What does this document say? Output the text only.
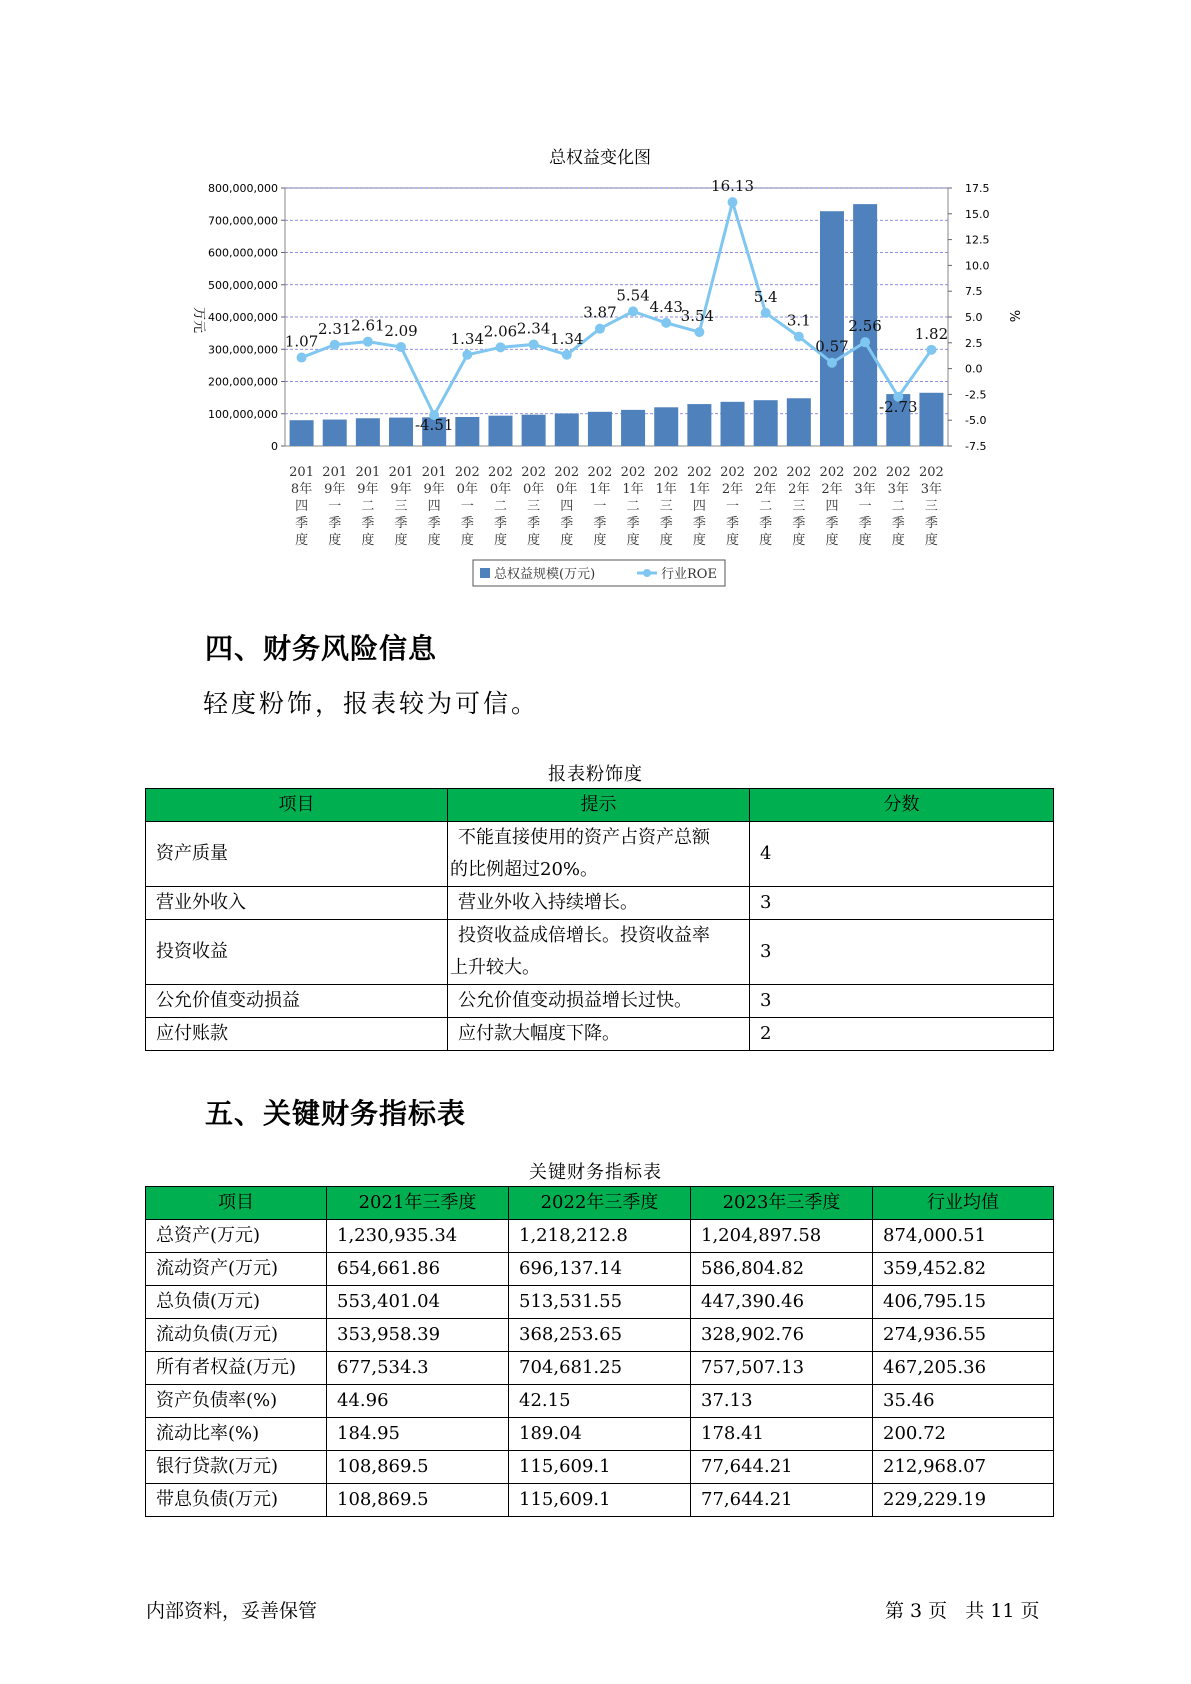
总权益变化图
0
100,000,000
200,000,000
300,000,000
400,000,000
500,000,000
600,000,000
700,000,000
800,000,000
-7.5
-5.0
-2.5
0.0
2.5
5.0
7.5
10.0
12.5
15.0
17.5
万元	%
201 8年四季度
201 9年一季度
201 9年二季度
201 9年三季度
201 9年四季度
202 0年一季度
202 0年二季度
202 0年三季度
202 0年四季度
202 1年一季度
202 1年二季度
202 1年三季度
202 1年四季度
202 2年一季度
202 2年二季度
202 2年三季度
202 2年四季度
202 3年一季度
202 3年二季度
202 3年三季度
1.07
2.31 2.61 2.09
-4.51
1.34 2.06 2.34
1.34
3.87
5.54
4.43
3.54
16.13
5.4
3.1
0.57
2.56
-2.73
1.82
总权益规模(万元)	行业ROE
四、财务风险信息
轻度粉饰，报表较为可信。
报表粉饰度
项目	提示	分数
资产质量	不能直接使用的资产占资产总额
的比例超过20%。	4
营业外收入	营业外收入持续增长。	3
投资收益	投资收益成倍增长。投资收益率
上升较大。	3
公允价值变动损益	公允价值变动损益增长过快。	3
应付账款	应付款大幅度下降。	2
五、关键财务指标表
关键财务指标表
项目	2021年三季度	2022年三季度	2023年三季度	行业均值
总资产(万元)	1,230,935.34	1,218,212.8	1,204,897.58	874,000.51
流动资产(万元)	654,661.86	696,137.14	586,804.82	359,452.82
总负债(万元)	553,401.04	513,531.55	447,390.46	406,795.15
流动负债(万元)	353,958.39	368,253.65	328,902.76	274,936.55
所有者权益(万元)	677,534.3	704,681.25	757,507.13	467,205.36
资产负债率(%)	44.96	42.15	37.13	35.46
流动比率(%)	184.95	189.04	178.41	200.72
银行贷款(万元)	108,869.5	115,609.1	77,644.21	212,968.07
带息负债(万元)	108,869.5	115,609.1	77,644.21	229,229.19
内部资料，妥善保管	第 3 页   共 11 页
